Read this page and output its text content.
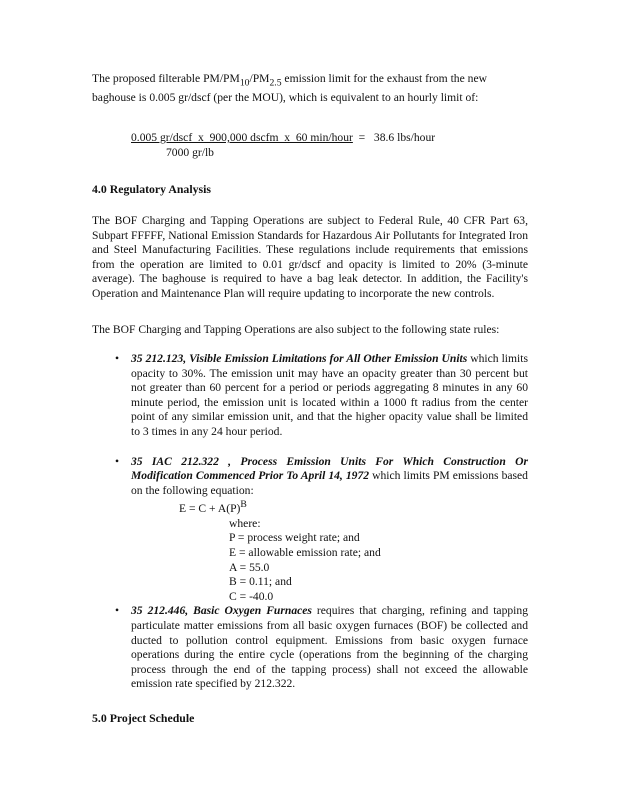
The proposed filterable $PM/PM_{10}/PM_{2.5}$ emission limit for the exhaust from the new baghouse is 0.005 gr/dscf (per the MOU), which is equivalent to an hourly limit of:

0.005 gr/dscf  x  900,000 dscfm  x  60 min/hour  =   38.6 lbs/hour
7000 gr/lb
4.0 Regulatory Analysis

The BOF Charging and Tapping Operations are subject to Federal Rule, 40 CFR Part 63, Subpart FFFFF, National Emission Standards for Hazardous Air Pollutants for Integrated Iron and Steel Manufacturing Facilities. These regulations include requirements that emissions from the operation are limited to 0.01 gr/dscf and opacity is limited to 20% (3-minute average). The baghouse is required to have a bag leak detector. In addition, the Facility's Operation and Maintenance Plan will require updating to incorporate the new controls.

The BOF Charging and Tapping Operations are also subject to the following state rules:

• 35 212.123, Visible Emission Limitations for All Other Emission Units which limits opacity to 30%. The emission unit may have an opacity greater than 30 percent but not greater than 60 percent for a period or periods aggregating 8 minutes in any 60 minute period, the emission unit is located within a 1000 ft radius from the center point of any similar emission unit, and that the higher opacity value shall be limited to 3 times in any 24 hour period.
• 35 IAC 212.322 , Process Emission Units For Which Construction Or Modification Commenced Prior To April 14, 1972 which limits PM emissions based on the following equation:
$E = C + A(P)^B$
where:
P = process weight rate; and
E = allowable emission rate; and
A = 55.0
B = 0.11; and
C = -40.0
• 35 212.446, Basic Oxygen Furnaces requires that charging, refining and tapping particulate matter emissions from all basic oxygen furnaces (BOF) be collected and ducted to pollution control equipment. Emissions from basic oxygen furnace operations during the entire cycle (operations from the beginning of the charging process through the end of the tapping process) shall not exceed the allowable emission rate specified by 212.322.
5.0 Project Schedule
